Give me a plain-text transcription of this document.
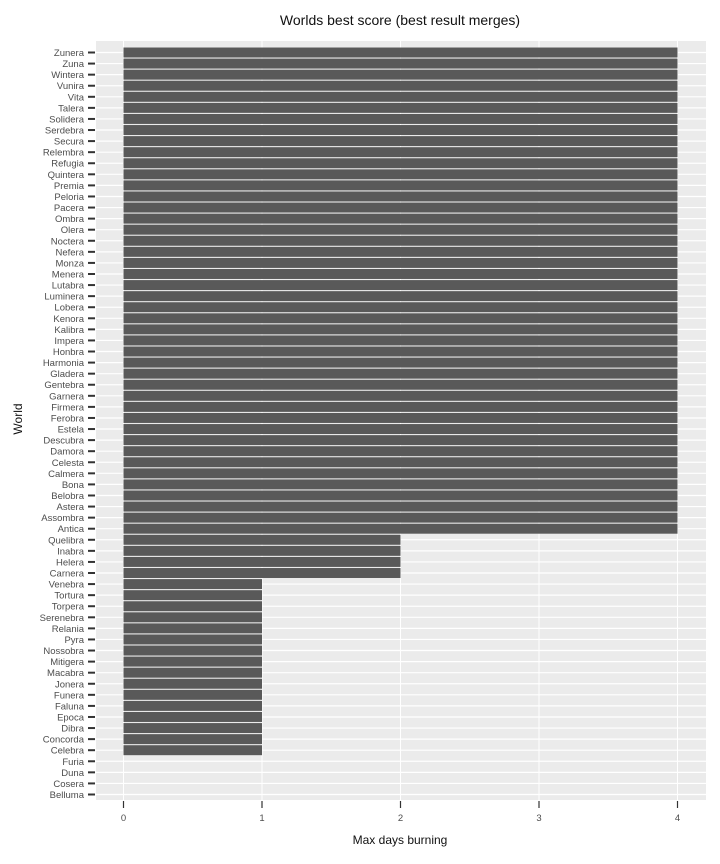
Worlds best score (best result merges)
Zunera
Zuna
Wintera
Vunira
Vita
Talera
Solidera
Serdebra
Secura
Relembra
Refugia
Quintera
Premia
Peloria
Pacera
Ombra
Olera
Noctera
Nefera
Monza
Menera
Lutabra
Luminera
Lobera
Kenora
Kalibra
Impera
Honbra
Harmonia
Gladera
Gentebra
Garnera
Firmera
Ferobra
Estela
Descubra
Damora
Celesta
Calmera
Bona
Belobra
Astera
Assombra
Antica
Quelibra
Inabra
Helera
Carnera
Venebra
Tortura
Torpera
Serenebra
Relania
Pyra
Nossobra
Mitigera
Macabra
Jonera
Funera
Faluna
Epoca
Dibra
Concorda
Celebra
Furia
Duna
Cosera
Belluma
0	1	2	3	4
Max days burning
World
